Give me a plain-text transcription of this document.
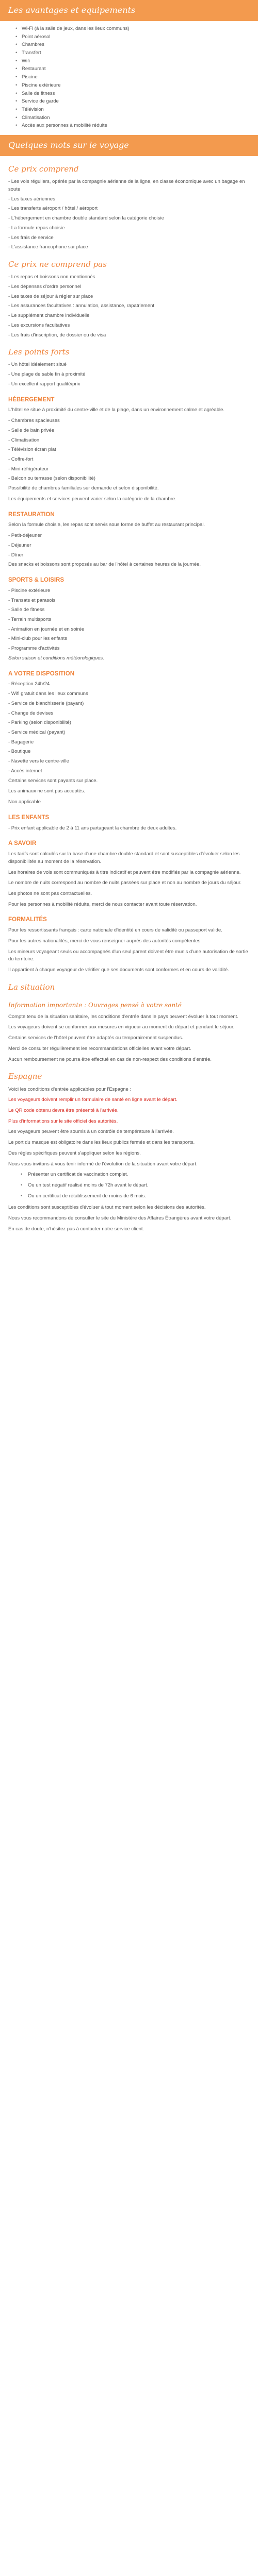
Les avantages et equipements
• Wi-Fi (à la salle de jeux, dans les lieux communs)
• Point aérosol
• Chambres
• Transfert
• Wifi
• Restaurant
• Piscine
• Piscine extérieure
• Salle de fitness
• Service de garde
• Télévision
• Climatisation
• Accès aux personnes à mobilité réduite
Quelques mots sur le voyage
Ce prix comprend

- Les vols réguliers, opérés par la compagnie aérienne de la ligne, en classe économique avec un bagage en soute

- Les taxes aériennes

- Les transferts aéroport / hôtel / aéroport

- L'hébergement en chambre double standard selon la catégorie choisie

- La formule repas choisie

- Les frais de service

- L'assistance francophone sur place

Ce prix ne comprend pas

- Les repas et boissons non mentionnés

- Les dépenses d'ordre personnel

- Les taxes de séjour à régler sur place

- Les assurances facultatives : annulation, assistance, rapatriement

- Le supplément chambre individuelle

- Les excursions facultatives

- Les frais d'inscription, de dossier ou de visa

Les points forts

- Un hôtel idéalement situé

- Une plage de sable fin à proximité

- Un excellent rapport qualité/prix

HÉBERGEMENT

L'hôtel se situe à proximité du centre-ville et de la plage, dans un environnement calme et agréable.

- Chambres spacieuses

- Salle de bain privée

- Climatisation

- Télévision écran plat

- Coffre-fort

- Mini-réfrigérateur

- Balcon ou terrasse (selon disponibilité)

Possibilité de chambres familiales sur demande et selon disponibilité.

Les équipements et services peuvent varier selon la catégorie de la chambre.

RESTAURATION

Selon la formule choisie, les repas sont servis sous forme de buffet au restaurant principal.

- Petit-déjeuner

- Déjeuner

- Dîner

Des snacks et boissons sont proposés au bar de l'hôtel à certaines heures de la journée.

SPORTS & LOISIRS

- Piscine extérieure

- Transats et parasols

- Salle de fitness

- Terrain multisports

- Animation en journée et en soirée

- Mini-club pour les enfants

- Programme d'activités

Selon saison et conditions météorologiques.

A VOTRE DISPOSITION

- Réception 24h/24

- Wifi gratuit dans les lieux communs

- Service de blanchisserie (payant)

- Change de devises

- Parking (selon disponibilité)

- Service médical (payant)

- Bagagerie

- Boutique

- Navette vers le centre-ville

- Accès internet

Certains services sont payants sur place.

Les animaux ne sont pas acceptés.

Non applicable

LES ENFANTS

- Prix enfant applicable de 2 à 11 ans partageant la chambre de deux adultes.

A SAVOIR

Les tarifs sont calculés sur la base d'une chambre double standard et sont susceptibles d'évoluer selon les disponibilités au moment de la réservation.

Les horaires de vols sont communiqués à titre indicatif et peuvent être modifiés par la compagnie aérienne.

Le nombre de nuits correspond au nombre de nuits passées sur place et non au nombre de jours du séjour.

Les photos ne sont pas contractuelles.

Pour les personnes à mobilité réduite, merci de nous contacter avant toute réservation.

FORMALITÉS

Pour les ressortissants français : carte nationale d'identité en cours de validité ou passeport valide.

Pour les autres nationalités, merci de vous renseigner auprès des autorités compétentes.

Les mineurs voyageant seuls ou accompagnés d'un seul parent doivent être munis d'une autorisation de sortie du territoire.

Il appartient à chaque voyageur de vérifier que ses documents sont conformes et en cours de validité.

La situation
Information importante : Ouvrages pensé à votre santé

Compte tenu de la situation sanitaire, les conditions d'entrée dans le pays peuvent évoluer à tout moment.

Les voyageurs doivent se conformer aux mesures en vigueur au moment du départ et pendant le séjour.

Certains services de l'hôtel peuvent être adaptés ou temporairement suspendus.

Merci de consulter régulièrement les recommandations officielles avant votre départ.

Aucun remboursement ne pourra être effectué en cas de non-respect des conditions d'entrée.

Espagne

Voici les conditions d'entrée applicables pour l'Espagne :

Les voyageurs doivent remplir un formulaire de santé en ligne avant le départ.

Le QR code obtenu devra être présenté à l'arrivée.

Plus d'informations sur le site officiel des autorités.

Les voyageurs peuvent être soumis à un contrôle de température à l'arrivée.

Le port du masque est obligatoire dans les lieux publics fermés et dans les transports.

Des règles spécifiques peuvent s'appliquer selon les régions.

Nous vous invitons à vous tenir informé de l'évolution de la situation avant votre départ.

• Présenter un certificat de vaccination complet.
• Ou un test négatif réalisé moins de 72h avant le départ.
• Ou un certificat de rétablissement de moins de 6 mois.

Les conditions sont susceptibles d'évoluer à tout moment selon les décisions des autorités.

Nous vous recommandons de consulter le site du Ministère des Affaires Étrangères avant votre départ.

En cas de doute, n'hésitez pas à contacter notre service client.
